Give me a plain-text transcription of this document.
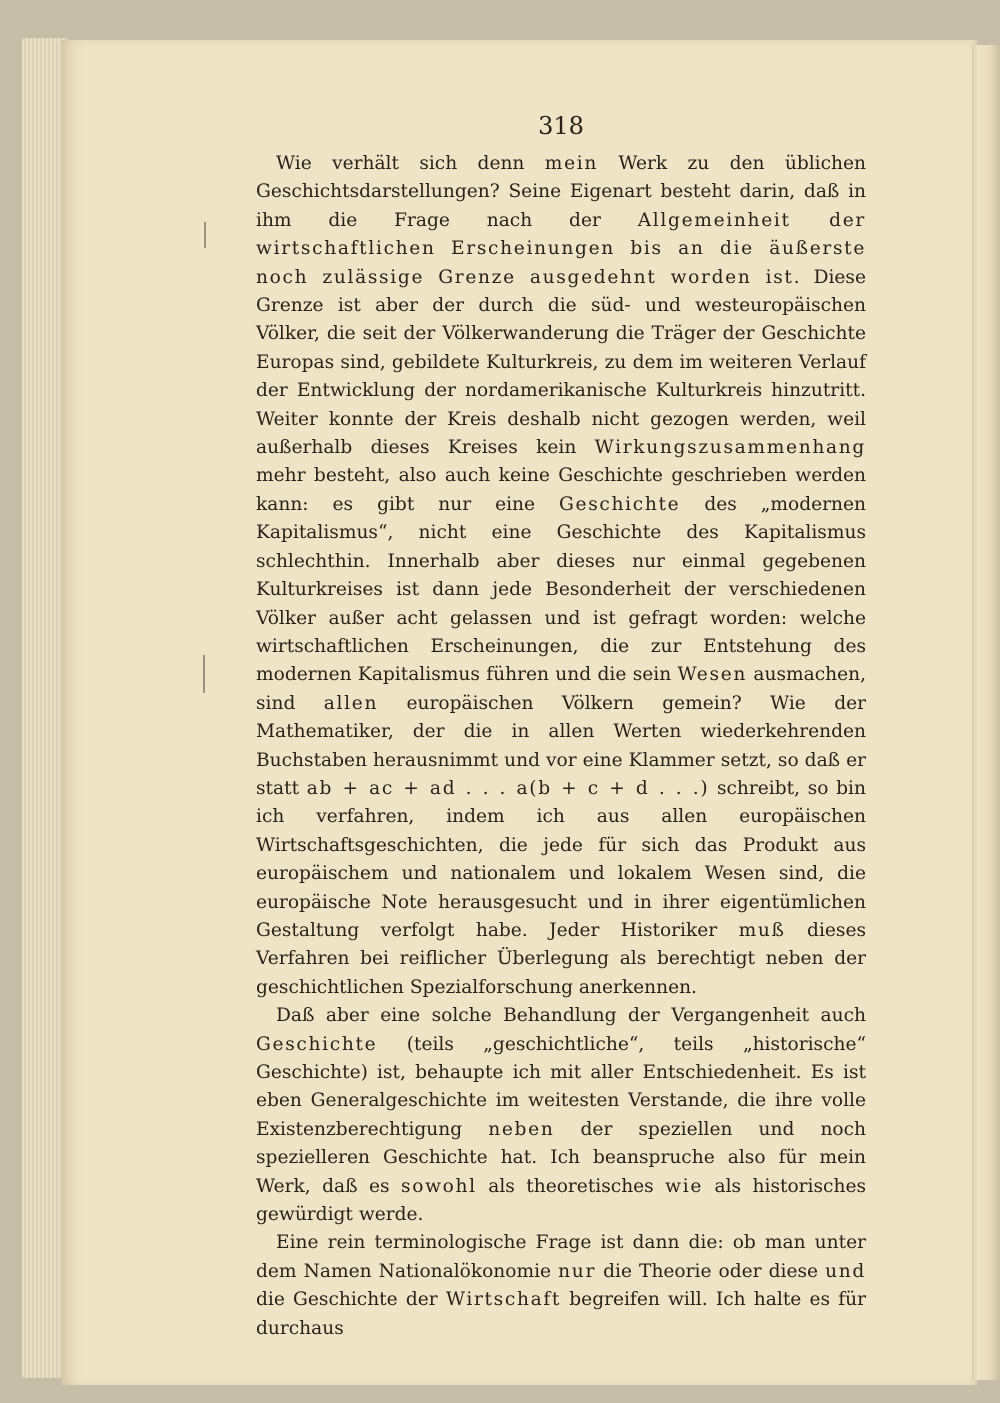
318

Wie verhält sich denn mein Werk zu den üblichen Geschichtsdarstellungen? Seine Eigenart besteht darin, daß in ihm die Frage nach der Allgemeinheit der wirtschaftlichen Erscheinungen bis an die äußerste noch zulässige Grenze ausgedehnt worden ist. Diese Grenze ist aber der durch die süd- und westeuropäischen Völker, die seit der Völkerwanderung die Träger der Geschichte Europas sind, gebildete Kulturkreis, zu dem im weiteren Verlauf der Entwicklung der nordamerikanische Kulturkreis hinzutritt. Weiter konnte der Kreis deshalb nicht gezogen werden, weil außerhalb dieses Kreises kein Wirkungszusammenhang mehr besteht, also auch keine Geschichte geschrieben werden kann: es gibt nur eine Geschichte des „modernen Kapitalismus“, nicht eine Geschichte des Kapitalismus schlechthin. Innerhalb aber dieses nur einmal gegebenen Kulturkreises ist dann jede Besonderheit der verschiedenen Völker außer acht gelassen und ist gefragt worden: welche wirtschaftlichen Erscheinungen, die zur Entstehung des modernen Kapitalismus führen und die sein Wesen ausmachen, sind allen europäischen Völkern gemein? Wie der Mathematiker, der die in allen Werten wiederkehrenden Buchstaben herausnimmt und vor eine Klammer setzt, so daß er statt ab + ac + ad . . . a(b + c + d . . .) schreibt, so bin ich verfahren, indem ich aus allen europäischen Wirtschaftsgeschichten, die jede für sich das Produkt aus europäischem und nationalem und lokalem Wesen sind, die europäische Note herausgesucht und in ihrer eigentümlichen Gestaltung verfolgt habe. Jeder Historiker muß dieses Verfahren bei reiflicher Überlegung als berechtigt neben der geschichtlichen Spezialforschung anerkennen.

Daß aber eine solche Behandlung der Vergangenheit auch Geschichte (teils „geschichtliche“, teils „historische“ Geschichte) ist, behaupte ich mit aller Entschiedenheit. Es ist eben Generalgeschichte im weitesten Verstande, die ihre volle Existenzberechtigung neben der speziellen und noch spezielleren Geschichte hat. Ich beanspruche also für mein Werk, daß es sowohl als theoretisches wie als historisches gewürdigt werde.

Eine rein terminologische Frage ist dann die: ob man unter dem Namen Nationalökonomie nur die Theorie oder diese und die Geschichte der Wirtschaft begreifen will. Ich halte es für durchaus
